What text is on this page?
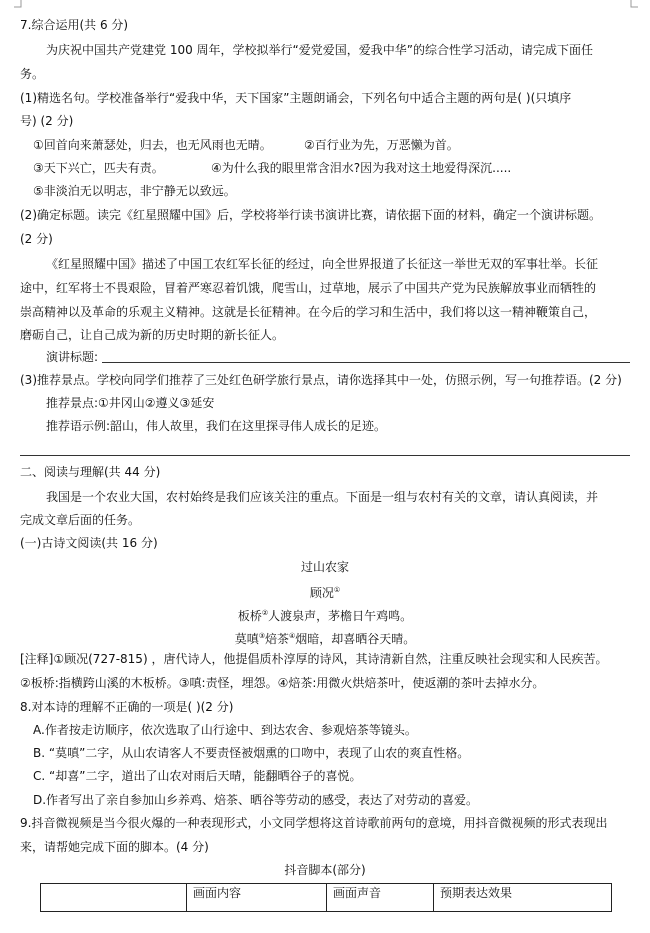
7.综合运用(共 6 分)
为庆祝中国共产党建党 100 周年，学校拟举行“爱党爱国，爱我中华”的综合性学习活动，请完成下面任
务。
(1)精选名句。学校准备举行“爱我中华，天下国家”主题朗诵会，下列名句中适合主题的两句是( )(只填序
号) (2 分)
①回首向来萧瑟处，归去，也无风雨也无晴。	②百行业为先，万恶懒为首。
③天下兴亡，匹夫有责。	④为什么我的眼里常含泪水?因为我对这土地爱得深沉.....
⑤非淡泊无以明志，非宁静无以致远。
(2)确定标题。读完《红星照耀中国》后，学校将举行读书演讲比赛，请依据下面的材料，确定一个演讲标题。
(2 分)
《红星照耀中国》描述了中国工农红军长征的经过，向全世界报道了长征这一举世无双的军事壮举。长征
途中，红军将士不畏艰险，冒着严寒忍着饥饿，爬雪山，过草地，展示了中国共产党为民族解放事业而牺牲的
崇高精神以及革命的乐观主义精神。这就是长征精神。在今后的学习和生活中，我们将以这一精神鞭策自己，
磨砺自己，让自己成为新的历史时期的新长征人。
演讲标题:
(3)推荐景点。学校向同学们推荐了三处红色研学旅行景点，请你选择其中一处，仿照示例，写一句推荐语。(2 分)
推荐景点:①井冈山②遵义③延安
推荐语示例:韶山，伟人故里，我们在这里探寻伟人成长的足迹。
二、阅读与理解(共 44 分)
我国是一个农业大国，农村始终是我们应该关注的重点。下面是一组与农村有关的文章，请认真阅读，并
完成文章后面的任务。
(一)古诗文阅读(共 16 分)
过山农家
顾况①
板桥②人渡泉声，茅檐日午鸡鸣。
莫嗔③焙茶④烟暗，却喜晒谷天晴。
[注释]①顾况(727-815) ，唐代诗人，他提倡质朴淳厚的诗风，其诗清新自然，注重反映社会现实和人民疾苦。
②板桥:指横跨山溪的木板桥。③嗔:责怪，埋怨。④焙茶:用微火烘焙茶叶，使返潮的茶叶去掉水分。
8.对本诗的理解不正确的一项是( )(2 分)
A.作者按走访顺序，依次选取了山行途中、到达农舍、参观焙茶等镜头。
B. “莫嗔”二字，从山农请客人不要责怪被烟熏的口吻中，表现了山农的爽直性格。
C. “却喜”二字，道出了山农对雨后天晴，能翻晒谷子的喜悦。
D.作者写出了亲自参加山乡养鸡、焙茶、晒谷等劳动的感受，表达了对劳动的喜爱。
9.抖音微视频是当今很火爆的一种表现形式，小文同学想将这首诗歌前两句的意境，用抖音微视频的形式表现出
来，请帮她完成下面的脚本。(4 分)
抖音脚本(部分)
	画面内容	画面声音	预期表达效果
